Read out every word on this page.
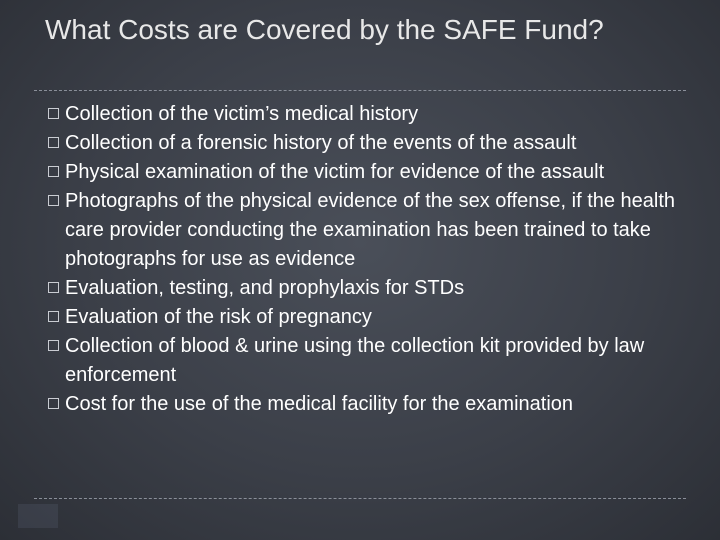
What Costs are Covered by the SAFE Fund?
Collection of the victim’s medical history
Collection of a forensic history of the events of the assault
Physical examination of the victim for evidence of the assault
Photographs of the physical evidence of the sex offense, if the health care provider conducting the examination has been trained to take photographs for use as evidence
Evaluation, testing, and prophylaxis for STDs
Evaluation of the risk of pregnancy
Collection of blood & urine using the collection kit provided by law enforcement
Cost for the use of the medical facility for the examination
